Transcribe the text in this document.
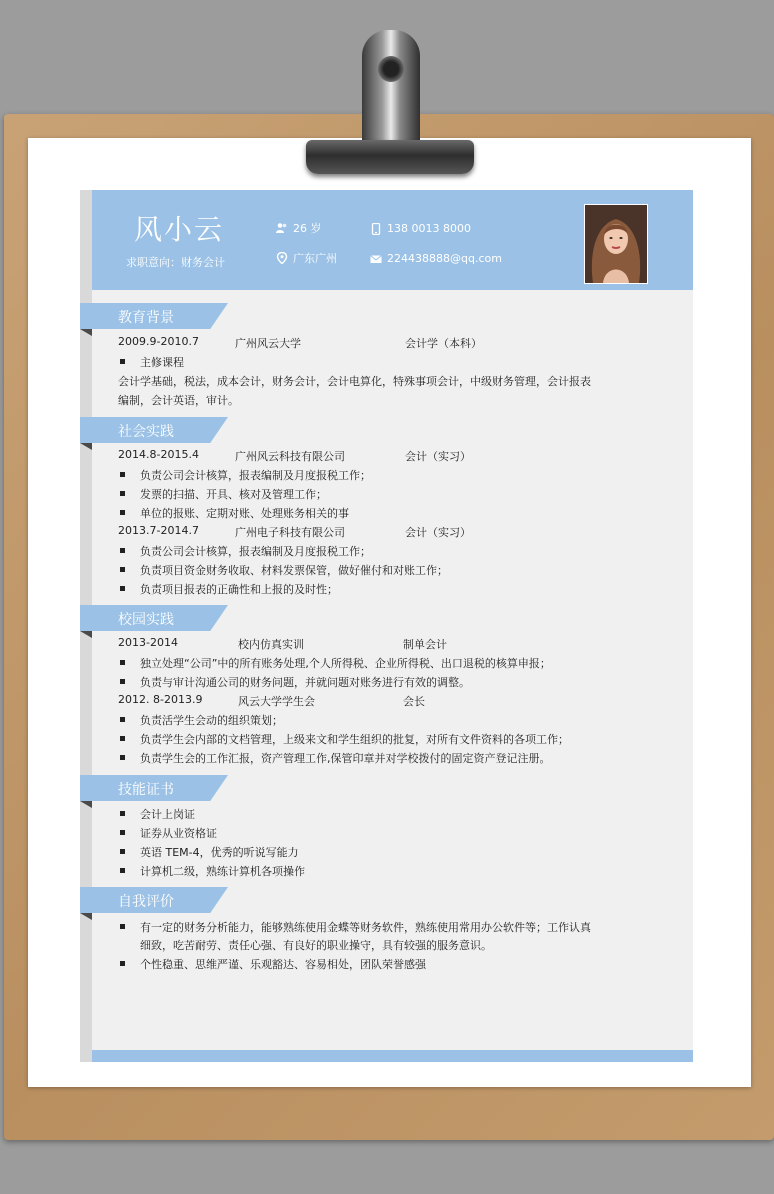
风小云
求职意向：财务会计
26 岁
广东广州
138 0013 8000
224438888@qq.com
教育背景
2009.9-2010.7	广州风云大学	会计学（本科）
主修课程
会计学基础，税法，成本会计，财务会计，会计电算化，特殊事项会计，中级财务管理，会计报表
编制，会计英语，审计。
社会实践
2014.8-2015.4	广州风云科技有限公司	会计（实习）
负责公司会计核算，报表编制及月度报税工作；
发票的扫描、开具、核对及管理工作；
单位的报账、定期对账、处理账务相关的事
2013.7-2014.7	广州电子科技有限公司	会计（实习）
负责公司会计核算，报表编制及月度报税工作；
负责项目资金财务收取、材料发票保管，做好催付和对账工作；
负责项目报表的正确性和上报的及时性；
校园实践
2013-2014	校内仿真实训	制单会计
独立处理“公司”中的所有账务处理,个人所得税、企业所得税、出口退税的核算申报；
负责与审计沟通公司的财务问题，并就问题对账务进行有效的调整。
2012. 8-2013.9	风云大学学生会	会长
负责活学生会动的组织策划；
负责学生会内部的文档管理，上级来文和学生组织的批复，对所有文件资料的各项工作；
负责学生会的工作汇报，资产管理工作,保管印章并对学校拨付的固定资产登记注册。
技能证书
会计上岗证
证券从业资格证
英语 TEM-4，优秀的听说写能力
计算机二级，熟练计算机各项操作
自我评价
有一定的财务分析能力，能够熟练使用金蝶等财务软件，熟练使用常用办公软件等；工作认真
细致，吃苦耐劳、责任心强、有良好的职业操守，具有较强的服务意识。
个性稳重、思维严谨、乐观豁达、容易相处，团队荣誉感强
